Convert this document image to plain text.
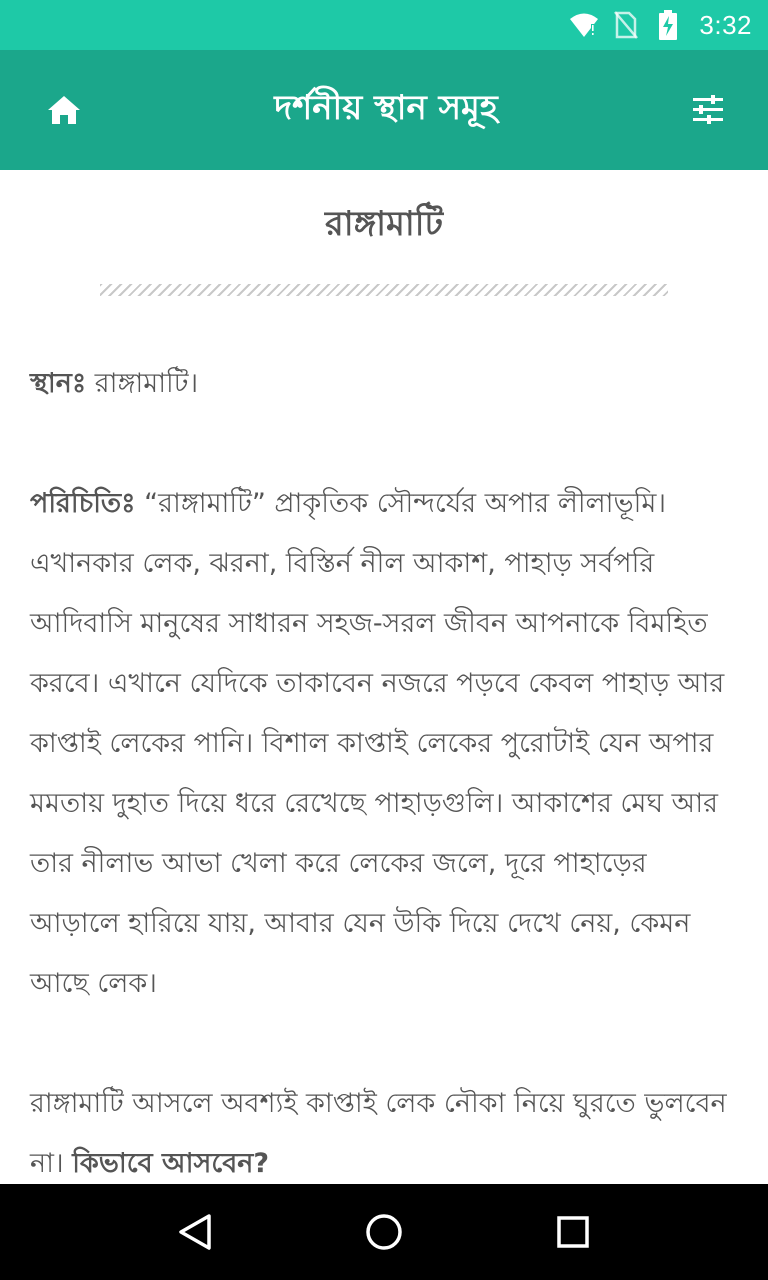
3:32
দর্শনীয় স্থান সমূহ
রাঙ্গামাটি

স্থানঃ রাঙ্গামাটি।

পরিচিতিঃ “রাঙ্গামাটি” প্রাকৃতিক সৌন্দর্যের অপার লীলাভূমি। এখানকার লেক, ঝরনা, বিস্তির্ন নীল আকাশ, পাহাড় সর্বপরি আদিবাসি মানুষের সাধারন সহজ-সরল জীবন আপনাকে বিমহিত করবে। এখানে যেদিকে তাকাবেন নজরে পড়বে কেবল পাহাড় আর কাপ্তাই লেকের পানি। বিশাল কাপ্তাই লেকের পুরোটাই যেন অপার মমতায় দুহাত দিয়ে ধরে রেখেছে পাহাড়গুলি। আকাশের মেঘ আর তার নীলাভ আভা খেলা করে লেকের জলে, দূরে পাহাড়ের আড়ালে হারিয়ে যায়, আবার যেন উকি দিয়ে দেখে নেয়, কেমন আছে লেক।

রাঙ্গামাটি আসলে অবশ্যই কাপ্তাই লেক নৌকা নিয়ে ঘুরতে ভুলবেন না। কিভাবে আসবেন?
